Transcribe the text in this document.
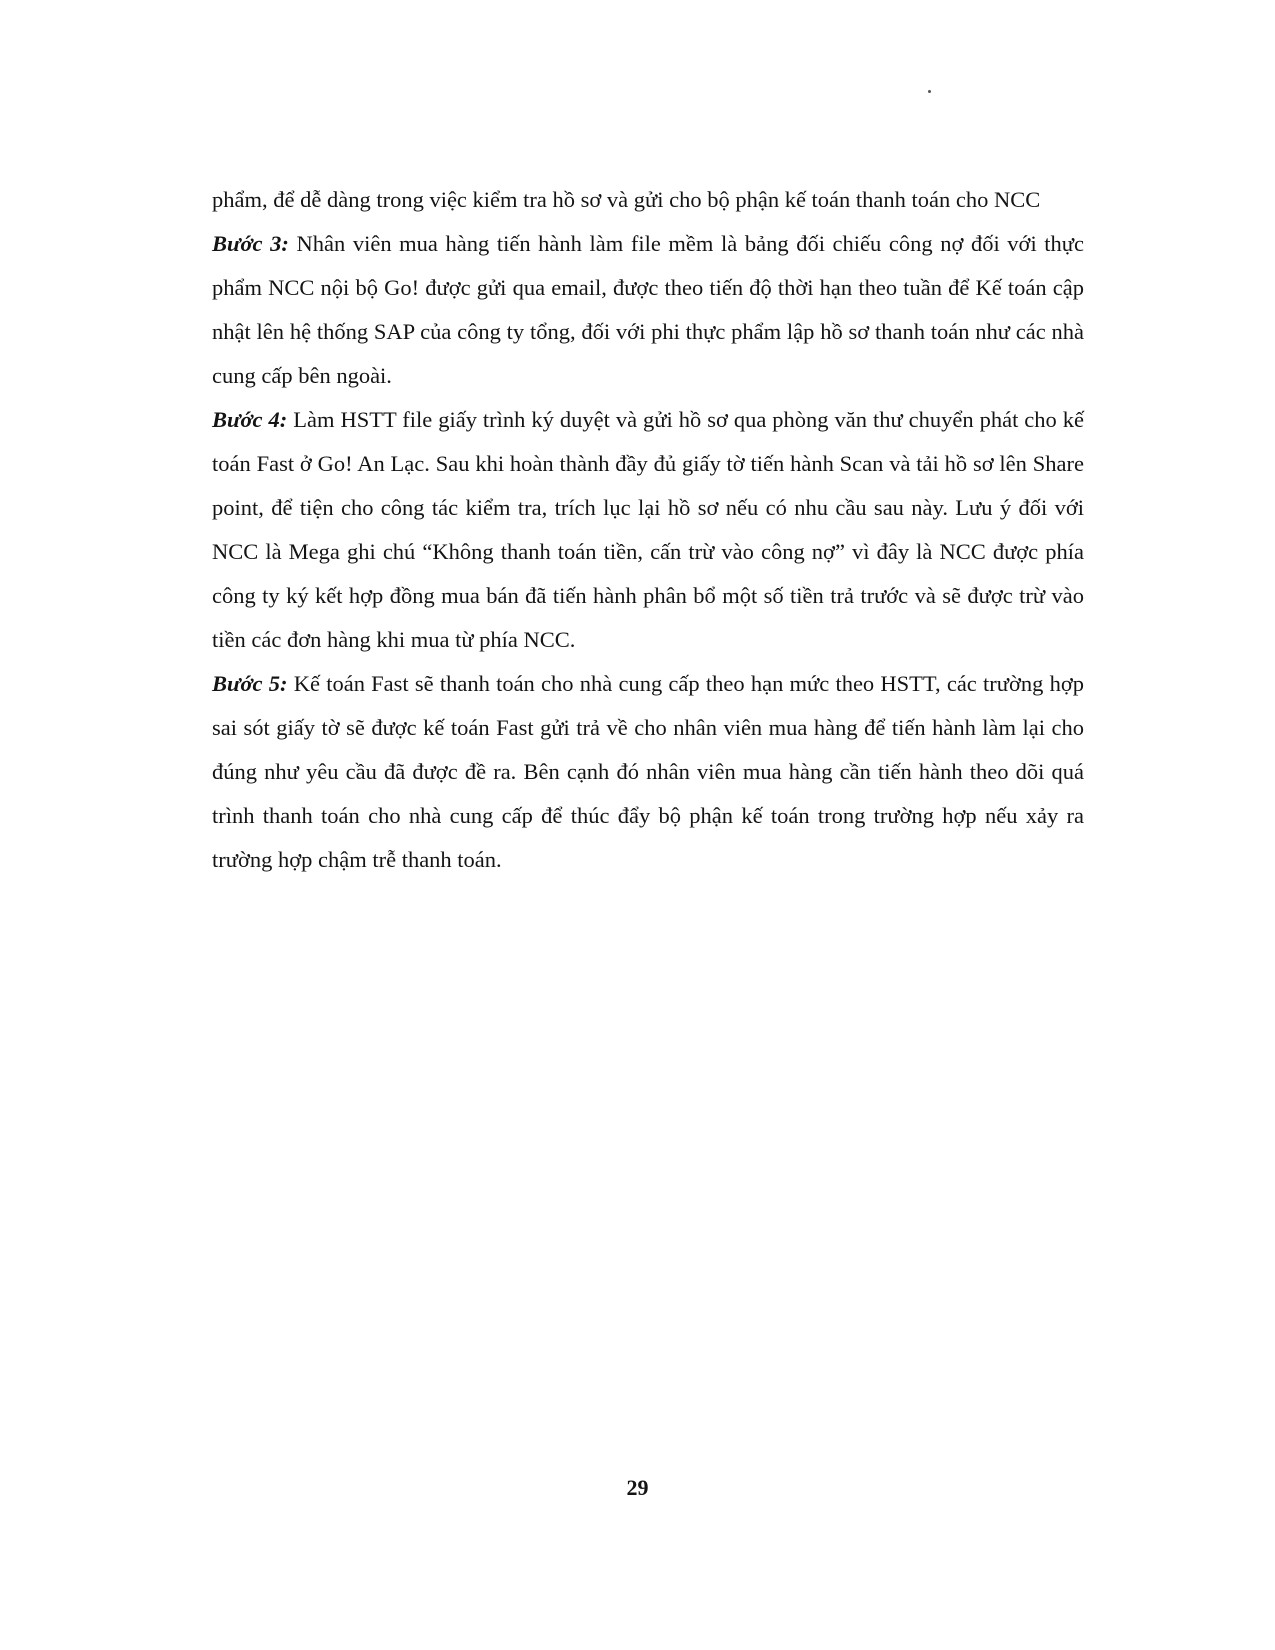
phẩm, để dễ dàng trong việc kiểm tra hồ sơ và gửi cho bộ phận kế toán thanh toán cho NCC

Bước 3: Nhân viên mua hàng tiến hành làm file mềm là bảng đối chiếu công nợ đối với thực phẩm NCC nội bộ Go! được gửi qua email, được theo tiến độ thời hạn theo tuần để Kế toán cập nhật lên hệ thống SAP của công ty tổng, đối với phi thực phẩm lập hồ sơ thanh toán như các nhà cung cấp bên ngoài.

Bước 4: Làm HSTT file giấy trình ký duyệt và gửi hồ sơ qua phòng văn thư chuyển phát cho kế toán Fast ở Go! An Lạc. Sau khi hoàn thành đầy đủ giấy tờ tiến hành Scan và tải hồ sơ lên Share point, để tiện cho công tác kiểm tra, trích lục lại hồ sơ nếu có nhu cầu sau này. Lưu ý đối với NCC là Mega ghi chú “Không thanh toán tiền, cấn trừ vào công nợ” vì đây là NCC được phía công ty ký kết hợp đồng mua bán đã tiến hành phân bổ một số tiền trả trước và sẽ được trừ vào tiền các đơn hàng khi mua từ phía NCC.

Bước 5: Kế toán Fast sẽ thanh toán cho nhà cung cấp theo hạn mức theo HSTT, các trường hợp sai sót giấy tờ sẽ được kế toán Fast gửi trả về cho nhân viên mua hàng để tiến hành làm lại cho đúng như yêu cầu đã được đề ra. Bên cạnh đó nhân viên mua hàng cần tiến hành theo dõi quá trình thanh toán cho nhà cung cấp để thúc đẩy bộ phận kế toán trong trường hợp nếu xảy ra trường hợp chậm trễ thanh toán.

29
